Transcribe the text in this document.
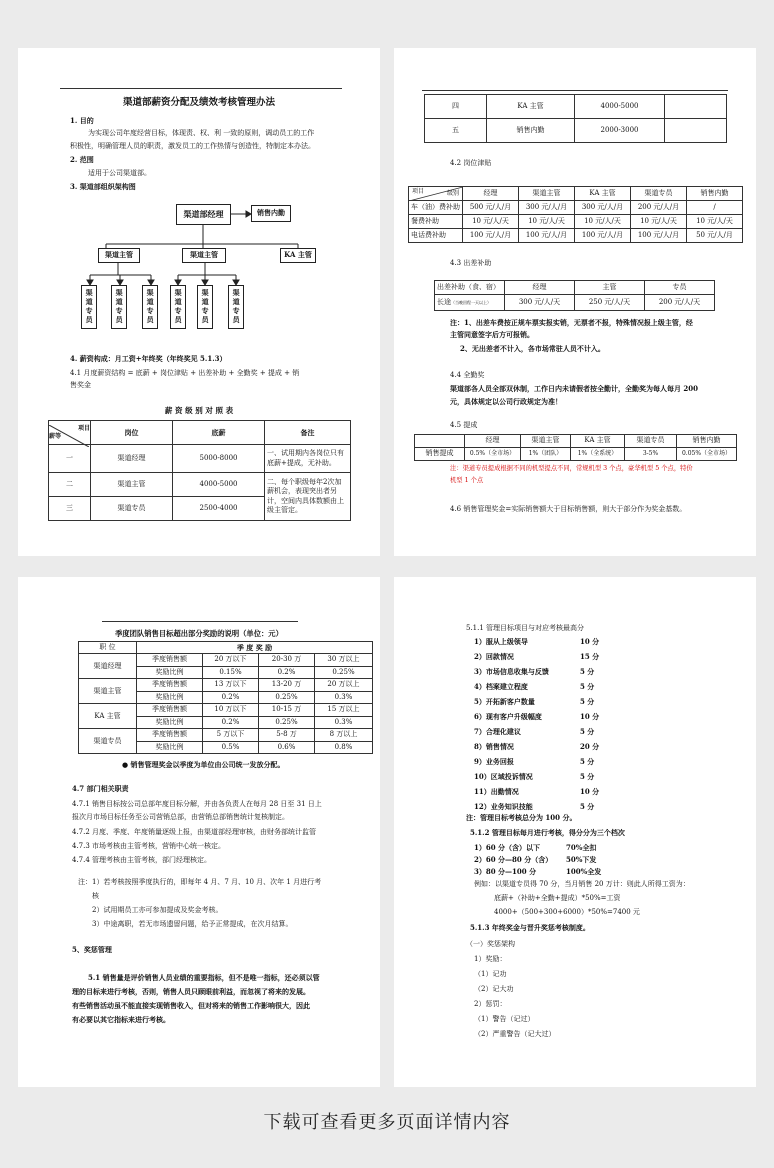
渠道部薪资分配及绩效考核管理办法
1. 目的
为实现公司年度经营目标，体现责、权、利 一致的原则，调动员工的工作
积极性，明确管理人员的职责，激发员工的工作热情与创造性，特制定本办法。
2. 范围
适用于公司渠道部。
3. 渠道部组织架构图
渠道部经理	销售内勤
渠道主管	渠道主管	KA 主管
渠道专员	渠道专员	渠道专员	渠道专员	渠道专员	渠道专员
4. 薪资构成：月工资+年终奖（年终奖见 5.1.3）
4.1 月度薪资结构 = 底薪 + 岗位津贴 + 出差补助 + 全勤奖 + 提成 + 销
售奖金
薪 资 级 别 对 照 表
项目
薪等	岗位	底薪	备注
一	渠道经理	5000-8000	一、试用期内各岗位只有底薪+提成，无补助。
二	渠道主管	4000-5000	二、每个职级每年2次加薪机会，表现突出者另计，空间内具体数额由上级主管定。
三	渠道专员	2500-4000	
四	KA 主管	4000-5000	
五	销售内勤	2000-3000	
4.2 岗位津贴
项目 级别	经理	渠道主管	KA 主管	渠道专员	销售内勤
车（油）费补助	500 元/人/月	300 元/人/月	300 元/人/月	200 元/人/月	/
餐费补助	10 元/人/天	10 元/人/天	10 元/人/天	10 元/人/天	10 元/人/天
电话费补助	100 元/人/月	100 元/人/月	100 元/人/月	100 元/人/月	50 元/人/月
4.3 出差补助
出差补助（食、宿）	经理	主管	专员
长途（当晚回程一天以上）	300 元/人/天	250 元/人/天	200 元/人/天
注：1、出差车费按正规车票实报实销，无票者不报，特殊情况报上级主管，经
主管同意签字后方可报销。
2、无出差者不计入，各市场常驻人员不计入。
4.4 全勤奖
渠道部各人员全部双休制，工作日内未请假者按全勤计，全勤奖为每人每月 200
元，具体规定以公司行政规定为准！
4.5 提成
	经理	渠道主管	KA 主管	渠道专员	销售内勤
销售提成	0.5%（全市场）	1%（团队）	1%（全系统）	3-5%	0.05%（全市场）
注：渠道专员提成根据不同的机型提点不同，常规机型 3 个点，豪华机型 5 个点，特价
机型 1 个点
4.6 销售管理奖金=实际销售额大于目标销售额，则大于部分作为奖金基数。

季度团队销售目标超出部分奖励的说明（单位：元）
职 位	季 度 奖 励			
渠道经理	季度销售额	20 万以下	20-30 万	30 万以上
	奖励比例	0.15%	0.2%	0.25%
渠道主管	季度销售额	13 万以下	13-20 万	20 万以上
	奖励比例	0.2%	0.25%	0.3%
KA 主管	季度销售额	10 万以下	10-15 万	15 万以上
	奖励比例	0.2%	0.25%	0.3%
渠道专员	季度销售额	5 万以下	5-8 万	8 万以上
	奖励比例	0.5%	0.6%	0.8%
● 销售管理奖金以季度为单位由公司统一发放分配。
4.7 部门相关职责
4.7.1 销售目标按公司总部年度目标分解，并由各负责人在每月 28 日至 31 日上
报次月市场目标任务至公司营销总部，由营销总部销售统计复核制定。
4.7.2 月度、季度、年度销量逐级上报，由渠道部经理审核，由财务部统计监管
4.7.3 市场考核由主管考核，营销中心统一核定。
4.7.4 管理考核由主管考核，部门经理核定。
注：1）若考核按照季度执行的，即每年 4 月、7 月、10 月、次年 1 月进行考
核
2）试用期员工亦可参加提成及奖金考核。
3）中途离职，若无市场遗留问题，给予正常提成，在次月结算。
5、奖惩管理
5.1 销售量是评价销售人员业绩的重要指标，但不是唯一指标，还必须以管
理的目标来进行考核，否则，销售人员只顾眼前利益，而忽视了将来的发展。
有些销售活动虽不能直接实现销售收入，但对将来的销售工作影响很大，因此
有必要以其它指标来进行考核。
5.1.1 管理目标项目与对应考核最高分
注：管理目标考核总分为 100 分。
5.1.2 管理目标每月进行考核，得分分为三个档次
例如：以渠道专员得 70 分，当月销售 20 万计：则此人所得工资为：
底薪+（补助+全勤+提成）*50%=工资
4000+（500+300+6000）*50%=7400 元
5.1.3 年终奖金与晋升奖惩考核制度。
1）服从上级领导	10 分
2）回款情况	15 分
3）市场信息收集与反馈	5 分
4）档案建立程度	5 分
5）开拓新客户数量	5 分
6）现有客户升级幅度	10 分
7）合理化建议	5 分
8）销售情况	20 分
9）业务回报	5 分
10）区域投诉情况	5 分
11）出勤情况	10 分
12）业务知识技能	5 分
1）60 分（含）以下	70%全扣
2）60 分—80 分（含） 50%下发
3）80 分—100 分	100%全发
（一）奖惩架构
1）奖励：
（1）记功
（2）记大功
2）惩罚：
（1）警告（记过）
（2）严重警告（记大过）
下载可查看更多页面详情内容
